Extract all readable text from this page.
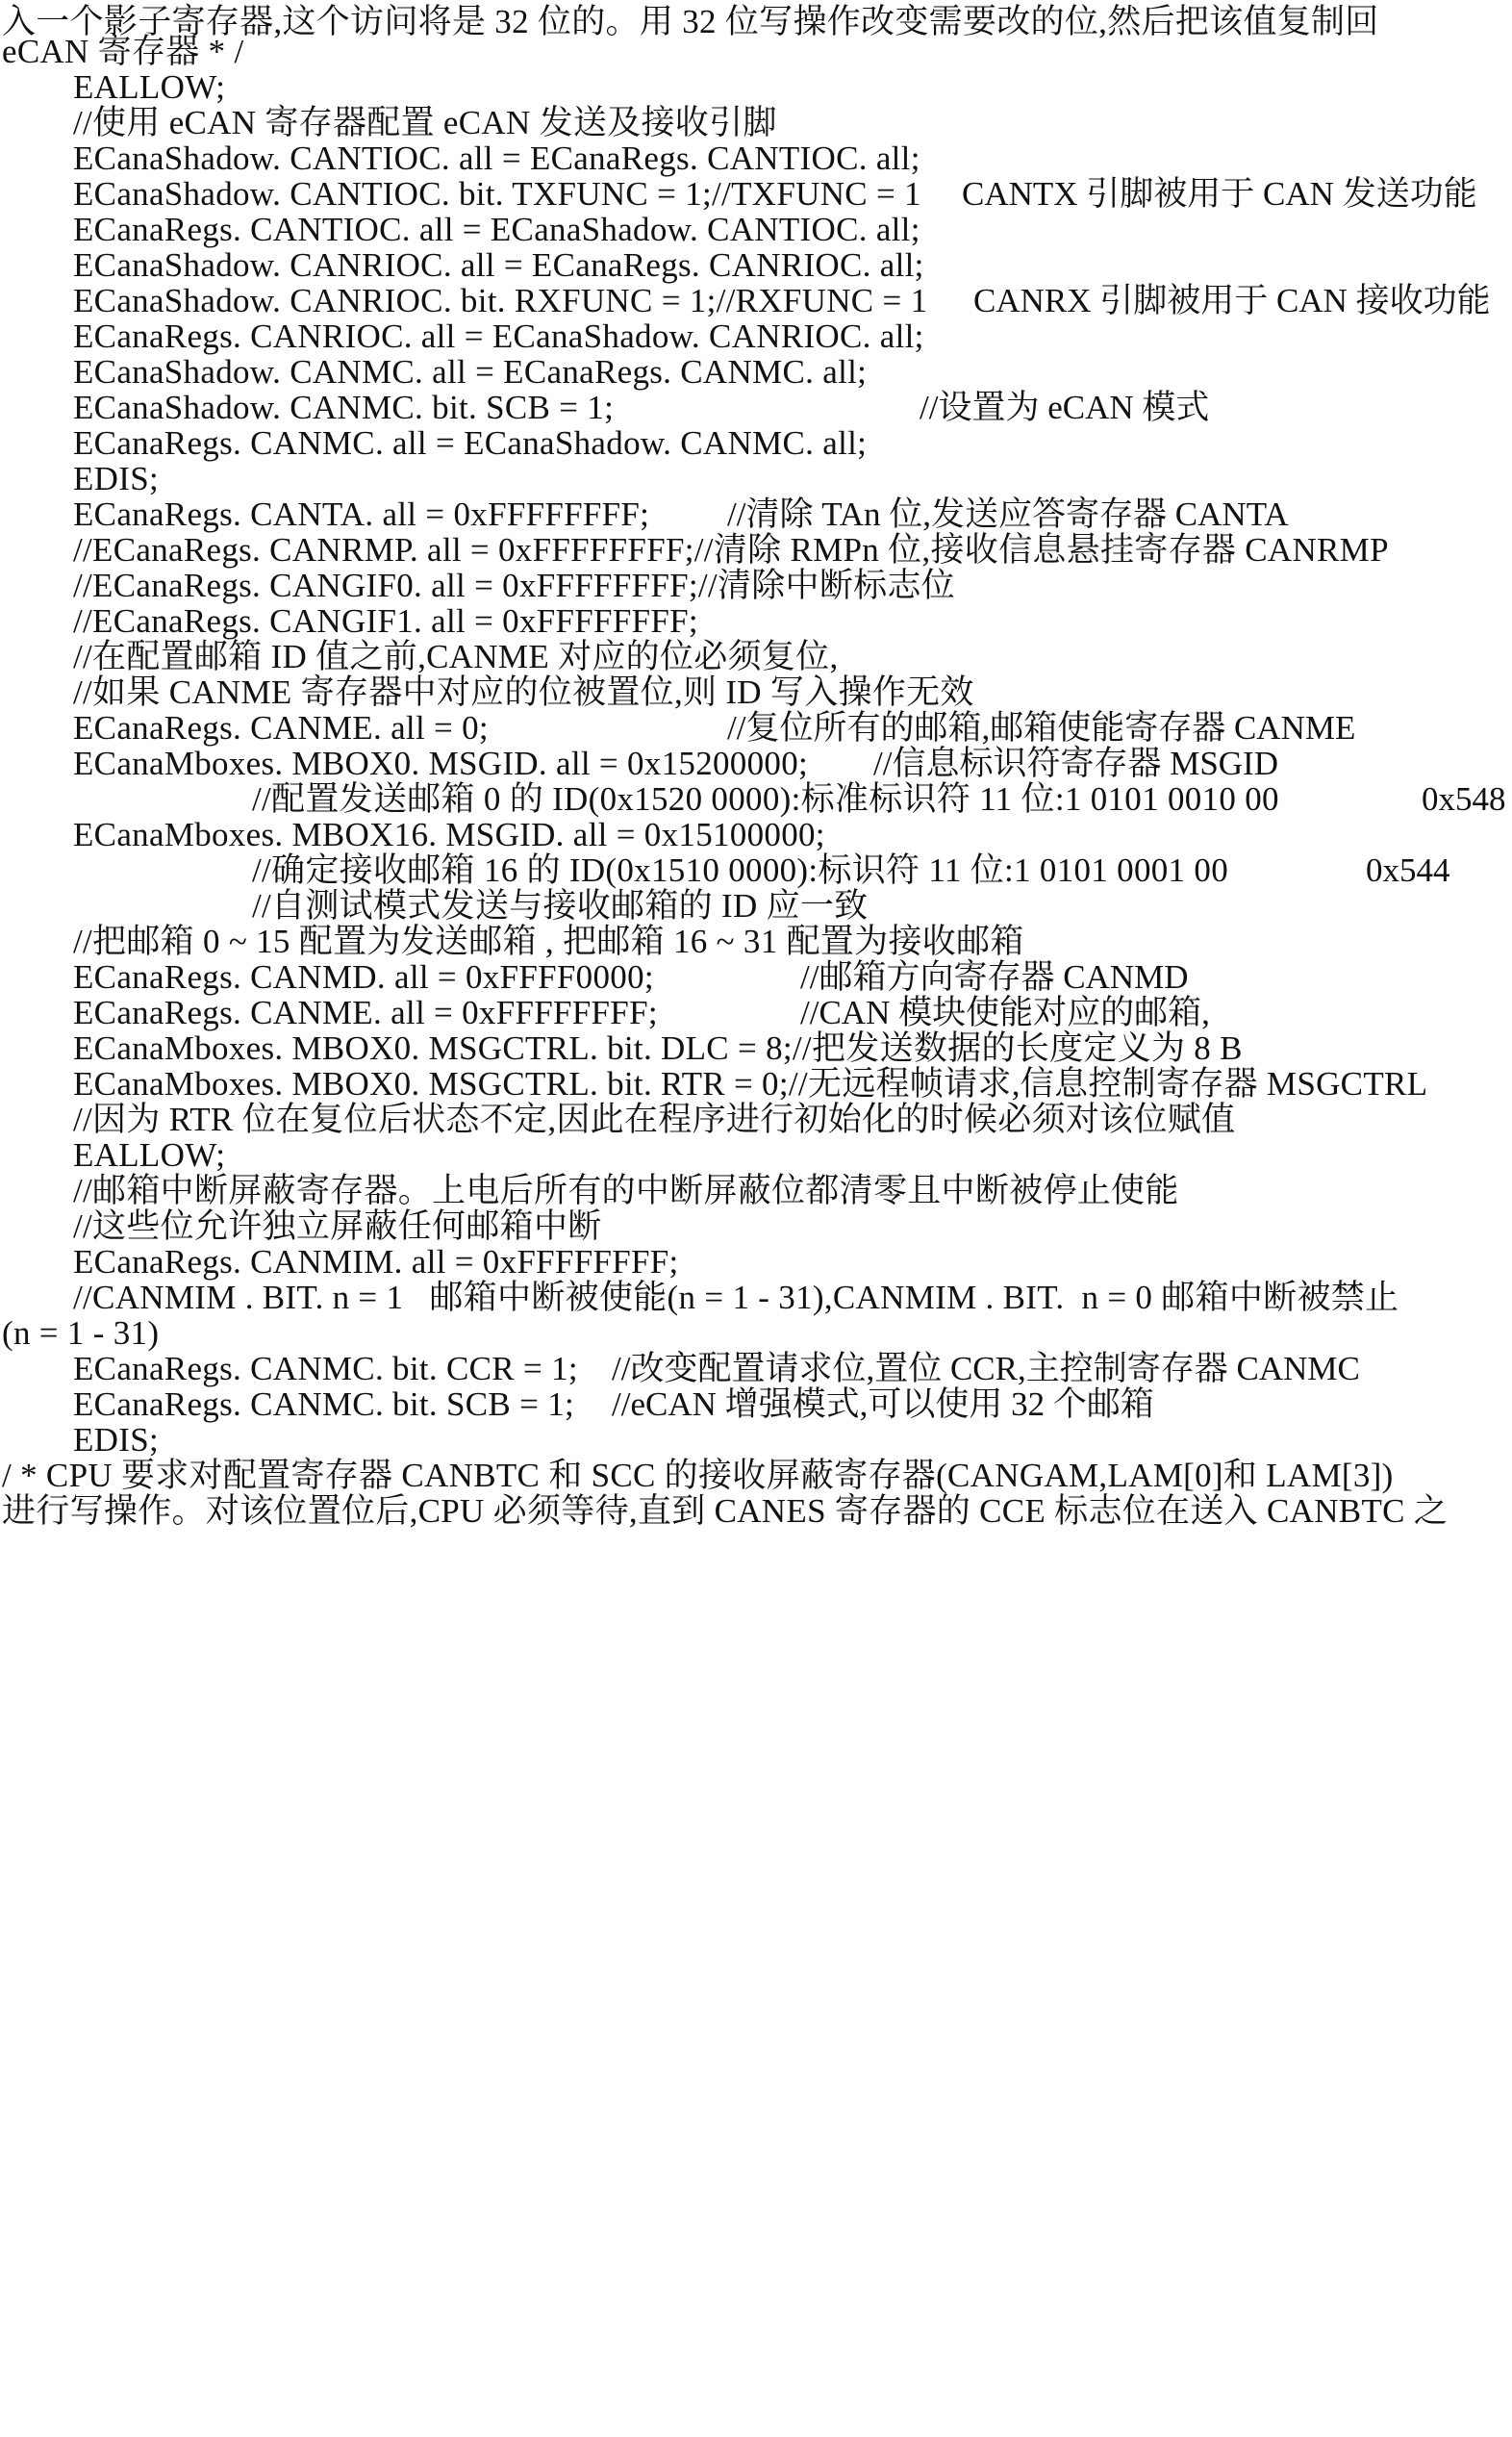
入一个影子寄存器,这个访问将是 32 位的。用 32 位写操作改变需要改的位,然后把该值复制回
eCAN 寄存器 * /
EALLOW;
//使用 eCAN 寄存器配置 eCAN 发送及接收引脚
ECanaShadow. CANTIOC. all = ECanaRegs. CANTIOC. all;
ECanaShadow. CANTIOC. bit. TXFUNC = 1;//TXFUNC = 1 CANTX 引脚被用于 CAN 发送功能
ECanaRegs. CANTIOC. all = ECanaShadow. CANTIOC. all;
ECanaShadow. CANRIOC. all = ECanaRegs. CANRIOC. all;
ECanaShadow. CANRIOC. bit. RXFUNC = 1;//RXFUNC = 1 CANRX 引脚被用于 CAN 接收功能
ECanaRegs. CANRIOC. all = ECanaShadow. CANRIOC. all;
ECanaShadow. CANMC. all = ECanaRegs. CANMC. all;
ECanaShadow. CANMC. bit. SCB = 1;	//设置为 eCAN 模式
ECanaRegs. CANMC. all = ECanaShadow. CANMC. all;
EDIS;
ECanaRegs. CANTA. all = 0xFFFFFFFF; //清除 TAn 位,发送应答寄存器 CANTA
//ECanaRegs. CANRMP. all = 0xFFFFFFFF;//清除 RMPn 位,接收信息悬挂寄存器 CANRMP
//ECanaRegs. CANGIF0. all = 0xFFFFFFFF;//清除中断标志位
//ECanaRegs. CANGIF1. all = 0xFFFFFFFF;
//在配置邮箱 ID 值之前,CANME 对应的位必须复位,
//如果 CANME 寄存器中对应的位被置位,则 ID 写入操作无效
ECanaRegs. CANME. all = 0;	//复位所有的邮箱,邮箱使能寄存器 CANME
ECanaMboxes. MBOX0. MSGID. all = 0x15200000; //信息标识符寄存器 MSGID
//配置发送邮箱 0 的 ID(0x1520 0000):标准标识符 11 位:1 0101 0010 00	0x548
ECanaMboxes. MBOX16. MSGID. all = 0x15100000;
//确定接收邮箱 16 的 ID(0x1510 0000):标识符 11 位:1 0101 0001 00	0x544
//自测试模式发送与接收邮箱的 ID 应一致
//把邮箱 0 ~ 15 配置为发送邮箱 , 把邮箱 16 ~ 31 配置为接收邮箱
ECanaRegs. CANMD. all = 0xFFFF0000;	//邮箱方向寄存器 CANMD
ECanaRegs. CANME. all = 0xFFFFFFFF;	//CAN 模块使能对应的邮箱,
ECanaMboxes. MBOX0. MSGCTRL. bit. DLC = 8;//把发送数据的长度定义为 8 B
ECanaMboxes. MBOX0. MSGCTRL. bit. RTR = 0;//无远程帧请求,信息控制寄存器 MSGCTRL
//因为 RTR 位在复位后状态不定,因此在程序进行初始化的时候必须对该位赋值
EALLOW;
//邮箱中断屏蔽寄存器。上电后所有的中断屏蔽位都清零且中断被停止使能
//这些位允许独立屏蔽任何邮箱中断
ECanaRegs. CANMIM. all = 0xFFFFFFFF;
//CANMIM . BIT. n = 1   邮箱中断被使能(n = 1 - 31),CANMIM . BIT.  n = 0 邮箱中断被禁止
(n = 1 - 31)
ECanaRegs. CANMC. bit. CCR = 1; //改变配置请求位,置位 CCR,主控制寄存器 CANMC
ECanaRegs. CANMC. bit. SCB = 1; //eCAN 增强模式,可以使用 32 个邮箱
EDIS;
/ * CPU 要求对配置寄存器 CANBTC 和 SCC 的接收屏蔽寄存器(CANGAM,LAM[0]和 LAM[3])
进行写操作。对该位置位后,CPU 必须等待,直到 CANES 寄存器的 CCE 标志位在送入 CANBTC 之
